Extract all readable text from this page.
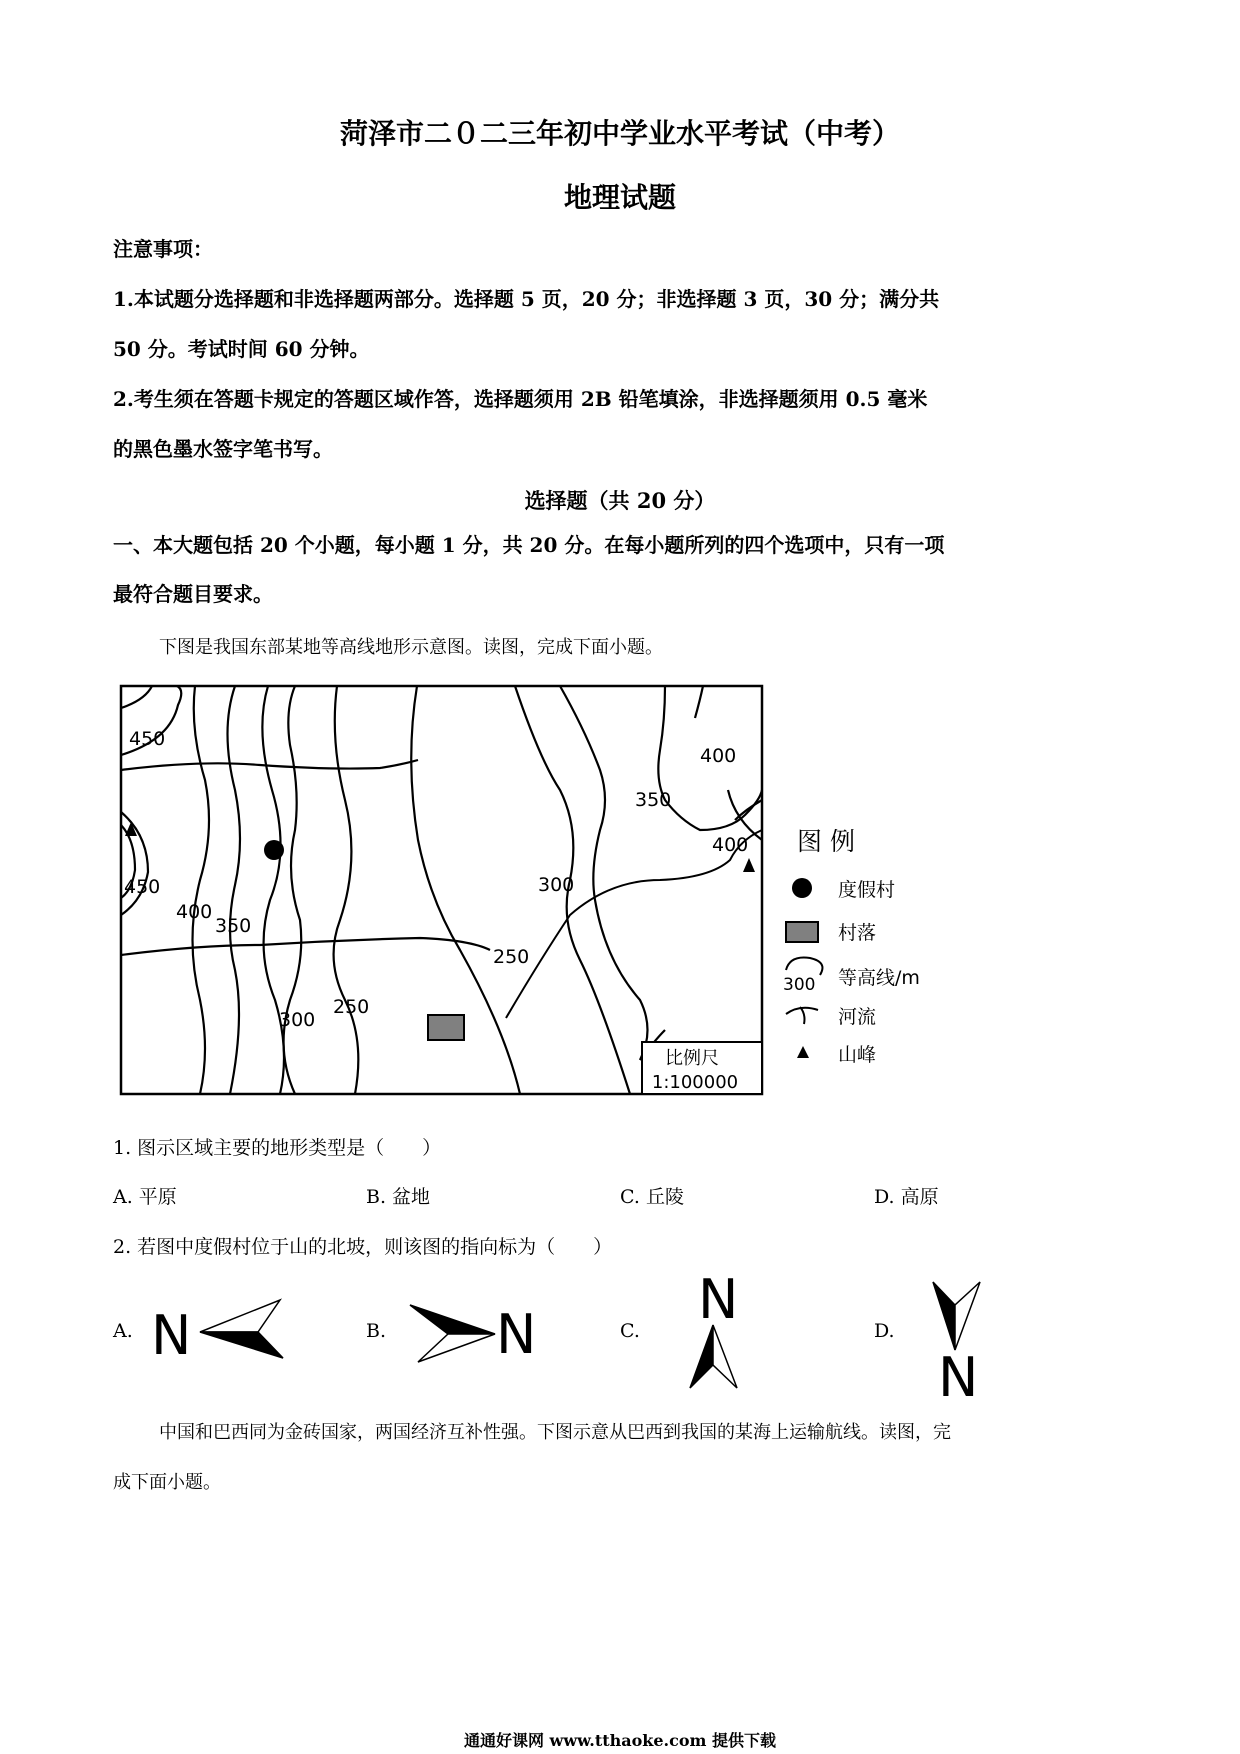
菏泽市二０二三年初中学业水平考试（中考）
地理试题
注意事项：
1.本试题分选择题和非选择题两部分。选择题 5 页，20 分；非选择题 3 页，30 分；满分共
50 分。考试时间 60 分钟。
2.考生须在答题卡规定的答题区域作答，选择题须用 2B 铅笔填涂，非选择题须用 0.5 毫米
的黑色墨水签字笔书写。
选择题（共 20 分）
一、本大题包括 20 个小题，每小题 1 分，共 20 分。在每小题所列的四个选项中，只有一项
最符合题目要求。
下图是我国东部某地等高线地形示意图。读图，完成下面小题。
比例尺
1:100000
450
450
400
350
300
250
250
300
350
400
400 图 例
度假村
村落
300 等高线/m
河流
山峰
1. 图示区域主要的地形类型是（　　）
A. 平原	B. 盆地	C. 丘陵	D. 高原
2. 若图中度假村位于山的北坡，则该图的指向标为（　　）
A.	B.	C.	D.
N	N
N
N
中国和巴西同为金砖国家，两国经济互补性强。下图示意从巴西到我国的某海上运输航线。读图，完
成下面小题。
通通好课网 www.tthaoke.com 提供下载
